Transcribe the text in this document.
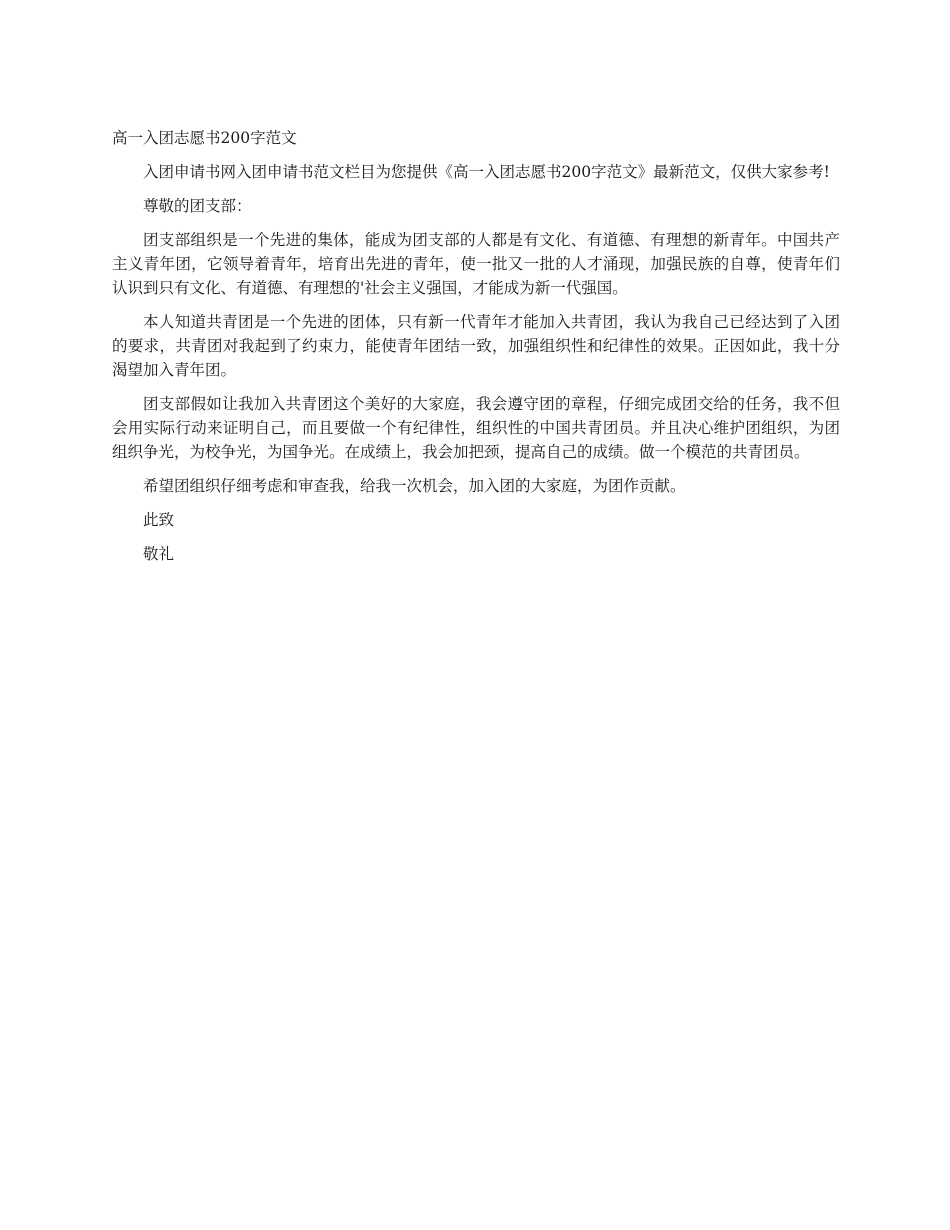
高一入团志愿书200字范文

入团申请书网入团申请书范文栏目为您提供《高一入团志愿书200字范文》最新范文，仅供大家参考!

尊敬的团支部：

团支部组织是一个先进的集体，能成为团支部的人都是有文化、有道德、有理想的新青年。中国共产主义青年团，它领导着青年，培育出先进的青年，使一批又一批的人才涌现，加强民族的自尊，使青年们认识到只有文化、有道德、有理想的'社会主义强国，才能成为新一代强国。

本人知道共青团是一个先进的团体，只有新一代青年才能加入共青团，我认为我自己已经达到了入团的要求，共青团对我起到了约束力，能使青年团结一致，加强组织性和纪律性的效果。正因如此，我十分渴望加入青年团。

团支部假如让我加入共青团这个美好的大家庭，我会遵守团的章程，仔细完成团交给的任务，我不但会用实际行动来证明自己，而且要做一个有纪律性，组织性的中国共青团员。并且决心维护团组织，为团组织争光，为校争光，为国争光。在成绩上，我会加把颈，提高自己的成绩。做一个模范的共青团员。

希望团组织仔细考虑和审查我，给我一次机会，加入团的大家庭，为团作贡献。

此致

敬礼
